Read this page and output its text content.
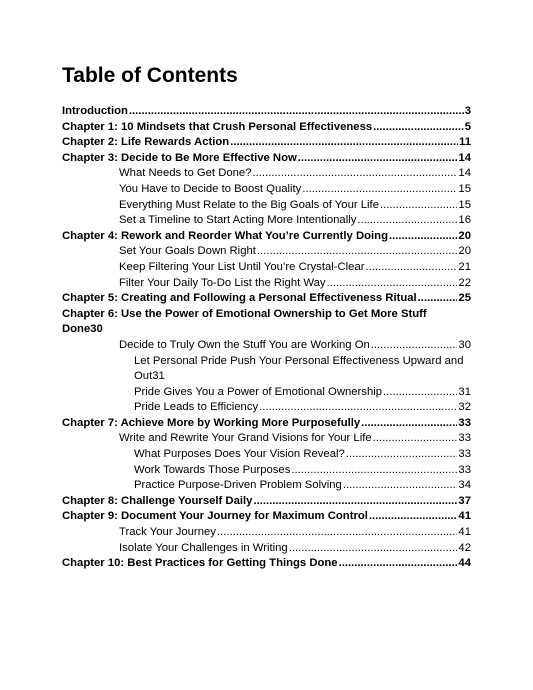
Table of Contents
Introduction .....	3
Chapter 1: 10 Mindsets that Crush Personal Effectiveness .....	5
Chapter 2: Life Rewards Action .....	11
Chapter 3: Decide to Be More Effective Now .....	14
What Needs to Get Done? .....	14
You Have to Decide to Boost Quality .....	15
Everything Must Relate to the Big Goals of Your Life .....	15
Set a Timeline to Start Acting More Intentionally .....	16
Chapter 4: Rework and Reorder What You’re Currently Doing .....	20
Set Your Goals Down Right .....	20
Keep Filtering Your List Until You’re Crystal-Clear .....	21
Filter Your Daily To-Do List the Right Way .....	22
Chapter 5: Creating and Following a Personal Effectiveness Ritual .....	25
Chapter 6: Use the Power of Emotional Ownership to Get More Stuff
Done 30
Decide to Truly Own the Stuff You are Working On .....	30
Let Personal Pride Push Your Personal Effectiveness Upward and
Out 31
Pride Gives You a Power of Emotional Ownership .....	31
Pride Leads to Efficiency .....	32
Chapter 7: Achieve More by Working More Purposefully .....	33
Write and Rewrite Your Grand Visions for Your Life .....	33
What Purposes Does Your Vision Reveal? .....	33
Work Towards Those Purposes .....	33
Practice Purpose-Driven Problem Solving .....	34
Chapter 8: Challenge Yourself Daily .....	37
Chapter 9: Document Your Journey for Maximum Control .....	41
Track Your Journey .....	41
Isolate Your Challenges in Writing .....	42
Chapter 10: Best Practices for Getting Things Done .....	44
